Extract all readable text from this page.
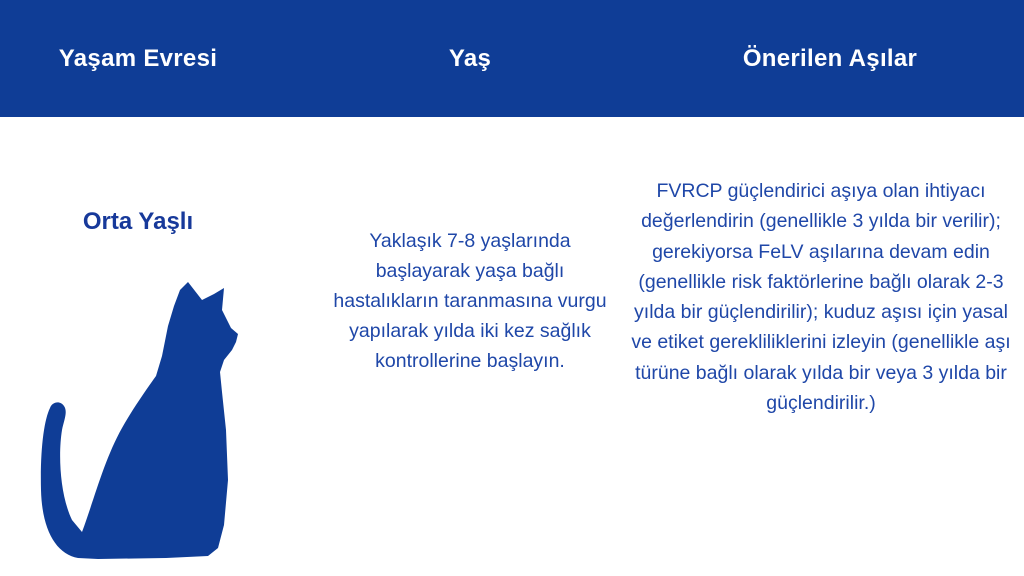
Yaşam Evresi	Yaş	Önerilen Aşılar
Orta Yaşlı
Yaklaşık 7-8 yaşlarında başlayarak yaşa bağlı hastalıkların taranmasına vurgu yapılarak yılda iki kez sağlık kontrollerine başlayın.
FVRCP güçlendirici aşıya olan ihtiyacı değerlendirin (genellikle 3 yılda bir verilir); gerekiyorsa FeLV aşılarına devam edin (genellikle risk faktörlerine bağlı olarak 2-3 yılda bir güçlendirilir); kuduz aşısı için yasal ve etiket gerekliliklerini izleyin (genellikle aşı türüne bağlı olarak yılda bir veya 3 yılda bir güçlendirilir.)
